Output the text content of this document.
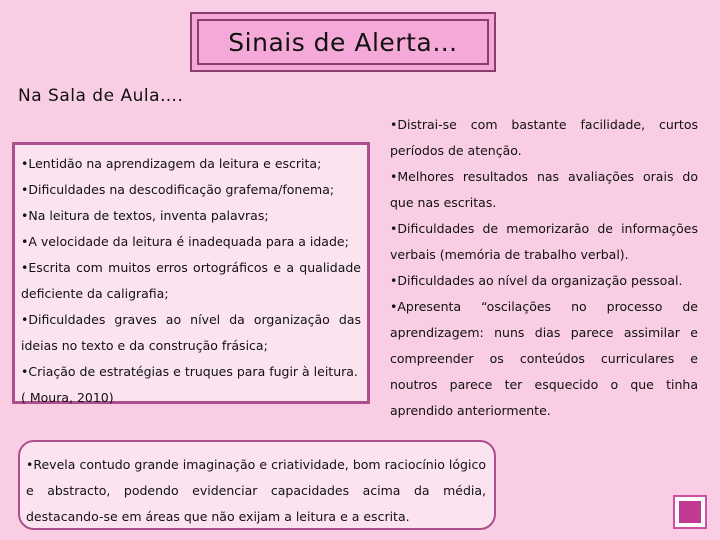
Sinais de Alerta…
Na Sala de Aula….

•Lentidão na aprendizagem da leitura e escrita;

•Dificuldades na descodificação grafema/fonema;

•Na leitura de textos, inventa palavras;

•A velocidade da leitura é inadequada para a idade;

•Escrita com muitos erros ortográficos e a qualidade deficiente da caligrafia;

•Dificuldades graves ao nível da organização das ideias no texto e da construção frásica;

•Criação de estratégias e truques para fugir à leitura.

( Moura, 2010)

•Distrai-se com bastante facilidade, curtos períodos de atenção.

•Melhores resultados nas avaliações orais do que nas escritas.

•Dificuldades de memorizarão de informações verbais (memória de trabalho verbal).

•Dificuldades ao nível da organização pessoal.

•Apresenta “oscilações no processo de aprendizagem: nuns dias parece assimilar e compreender os conteúdos curriculares e noutros parece ter esquecido o que tinha aprendido anteriormente.

•Revela contudo grande imaginação e criatividade, bom raciocínio lógico e abstracto, podendo evidenciar capacidades acima da média, destacando-se em áreas que não exijam a leitura e a escrita.
